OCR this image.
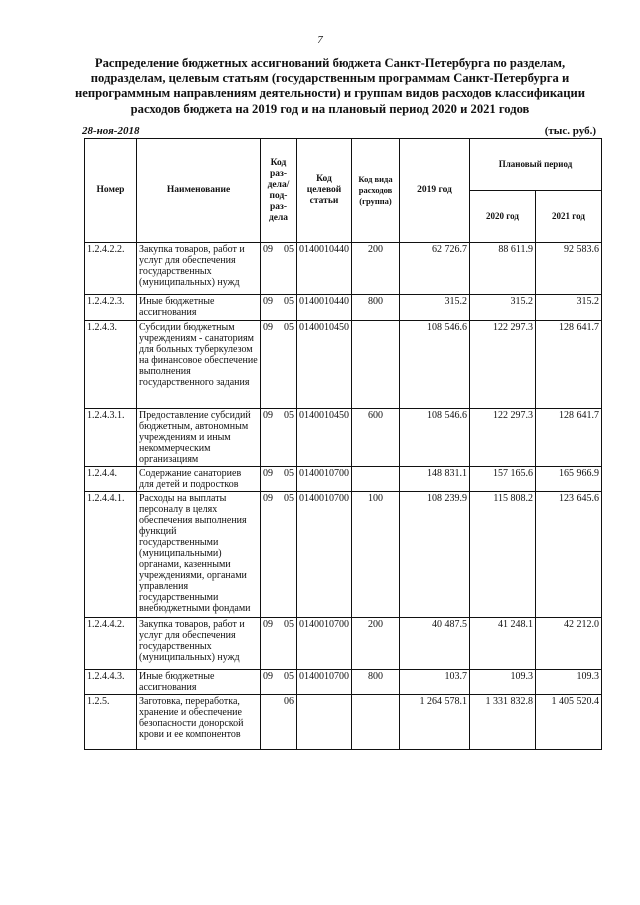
7
Распределение бюджетных ассигнований бюджета Санкт-Петербурга по разделам, подразделам, целевым статьям (государственным программам Санкт-Петербурга и непрограммным направлениям деятельности) и группам видов расходов классификации расходов бюджета на 2019 год и на плановый период 2020 и 2021 годов
28-ноя-2018	(тыс. руб.)
Номер	Наименование	Код раз-дела/ под-раз-дела	Код целевой статьи	Код вида расходов (группа)	2019 год	Плановый период	
						2020 год	2021 год
1.2.4.2.2.	Закупка товаров, работ и услуг для обеспечения государственных (муниципальных) нужд	09 05	0140010440	200	62 726.7	88 611.9	92 583.6
1.2.4.2.3.	Иные бюджетные ассигнования	09 05	0140010440	800	315.2	315.2	315.2
1.2.4.3.	Субсидии бюджетным учреждениям - санаториям для больных туберкулезом на финансовое обеспечение выполнения государственного задания	09 05	0140010450		108 546.6	122 297.3	128 641.7
1.2.4.3.1.	Предоставление субсидий бюджетным, автономным учреждениям и иным некоммерческим организациям	09 05	0140010450	600	108 546.6	122 297.3	128 641.7
1.2.4.4.	Содержание санаториев для детей и подростков	09 05	0140010700		148 831.1	157 165.6	165 966.9
1.2.4.4.1.	Расходы на выплаты персоналу в целях обеспечения выполнения функций государственными (муниципальными) органами, казенными учреждениями, органами управления государственными внебюджетными фондами	09 05	0140010700	100	108 239.9	115 808.2	123 645.6
1.2.4.4.2.	Закупка товаров, работ и услуг для обеспечения государственных (муниципальных) нужд	09 05	0140010700	200	40 487.5	41 248.1	42 212.0
1.2.4.4.3.	Иные бюджетные ассигнования	09 05	0140010700	800	103.7	109.3	109.3
1.2.5.	Заготовка, переработка, хранение и обеспечение безопасности донорской крови и ее компонентов	06			1 264 578.1	1 331 832.8	1 405 520.4
